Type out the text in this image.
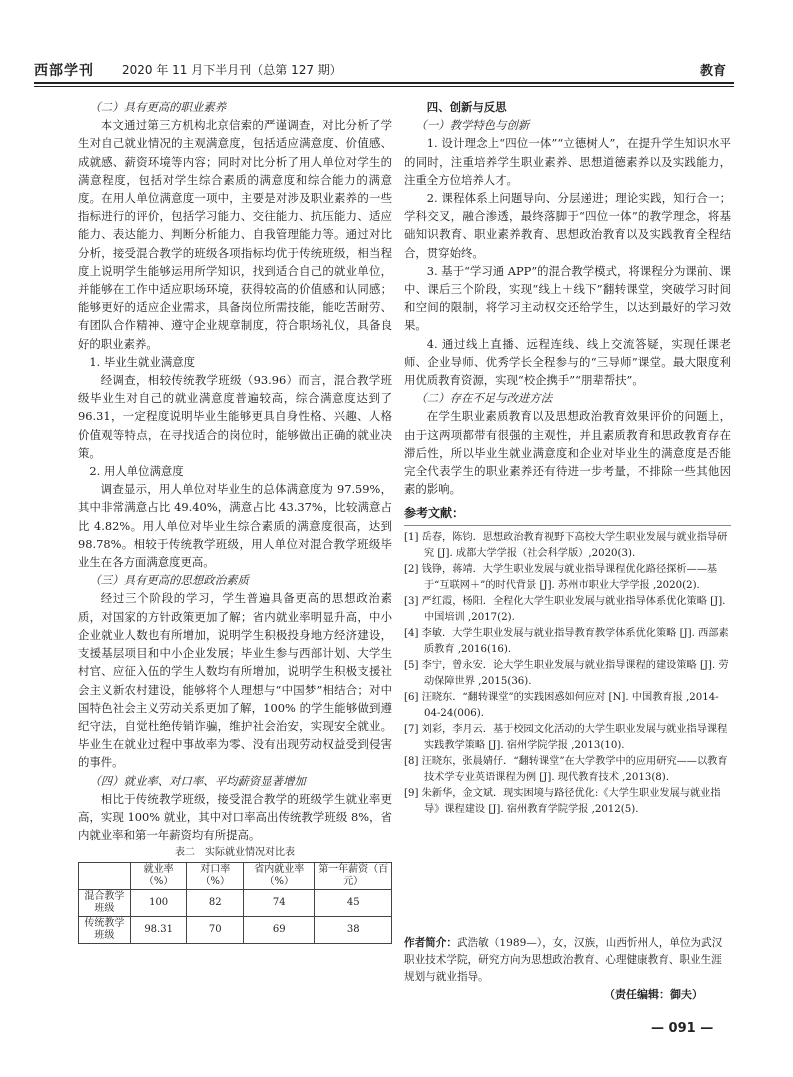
西部学刊 2020 年 11 月下半月刊（总第 127 期）	教育

（二）具有更高的职业素养

本文通过第三方机构北京信索的严谨调查，对比分析了学生对自己就业情况的主观满意度，包括适应满意度、价值感、成就感、薪资环境等内容；同时对比分析了用人单位对学生的满意程度，包括对学生综合素质的满意度和综合能力的满意度。在用人单位满意度一项中，主要是对涉及职业素养的一些指标进行的评价，包括学习能力、交往能力、抗压能力、适应能力、表达能力、判断分析能力、自我管理能力等。通过对比分析，接受混合教学的班级各项指标均优于传统班级，相当程度上说明学生能够运用所学知识，找到适合自己的就业单位，并能够在工作中适应职场环境，获得较高的价值感和认同感；能够更好的适应企业需求，具备岗位所需技能，能吃苦耐劳、有团队合作精神、遵守企业规章制度，符合职场礼仪，具备良好的职业素养。

1. 毕业生就业满意度

经调查，相较传统教学班级（93.96）而言，混合教学班级毕业生对自己的就业满意度普遍较高，综合满意度达到了 96.31，一定程度说明毕业生能够更具自身性格、兴趣、人格价值观等特点，在寻找适合的岗位时，能够做出正确的就业决策。

2. 用人单位满意度

调查显示，用人单位对毕业生的总体满意度为 97.59%，其中非常满意占比 49.40%，满意占比 43.37%，比较满意占比 4.82%。用人单位对毕业生综合素质的满意度很高，达到 98.78%。相较于传统教学班级，用人单位对混合教学班级毕业生在各方面满意度更高。

（三）具有更高的思想政治素质

经过三个阶段的学习，学生普遍具备更高的思想政治素质，对国家的方针政策更加了解；省内就业率明显升高，中小企业就业人数也有所增加，说明学生积极投身地方经济建设，支援基层项目和中小企业发展；毕业生参与西部计划、大学生村官、应征入伍的学生人数均有所增加，说明学生积极支援社会主义新农村建设，能够将个人理想与“中国梦”相结合；对中国特色社会主义劳动关系更加了解，100% 的学生能够做到遵纪守法，自觉杜绝传销诈骗，维护社会治安，实现安全就业。毕业生在就业过程中事故率为零、没有出现劳动权益受到侵害的事件。

（四）就业率、对口率、平均薪资显著增加

相比于传统教学班级，接受混合教学的班级学生就业率更高，实现 100% 就业，其中对口率高出传统教学班级 8%，省内就业率和第一年薪资均有所提高。

表二　实际就业情况对比表
	就业率（%）	对口率（%）	省内就业率（%）	第一年薪资（百元）
混合教学班级	100	82	74	45
传统教学班级	98.31	70	69	38

四、创新与反思

（一）教学特色与创新

1. 设计理念上“四位一体”“立德树人”，在提升学生知识水平的同时，注重培养学生职业素养、思想道德素养以及实践能力，注重全方位培养人才。

2. 课程体系上问题导向、分层递进；理论实践，知行合一；学科交叉，融合渗透，最终落脚于“四位一体”的教学理念，将基础知识教育、职业素养教育、思想政治教育以及实践教育全程结合，贯穿始终。

3. 基于“学习通 APP”的混合教学模式，将课程分为课前、课中、课后三个阶段，实现“线上＋线下”翻转课堂，突破学习时间和空间的限制，将学习主动权交还给学生，以达到最好的学习效果。

4. 通过线上直播、远程连线、线上交流答疑，实现任课老师、企业导师、优秀学长全程参与的“三导师”课堂。最大限度利用优质教育资源，实现“校企携手”“朋辈帮扶”。

（二）存在不足与改进方法

在学生职业素质教育以及思想政治教育效果评价的问题上，由于这两项都带有很强的主观性，并且素质教育和思政教育存在滞后性，所以毕业生就业满意度和企业对毕业生的满意度是否能完全代表学生的职业素养还有待进一步考量，不排除一些其他因素的影响。

参考文献：

[1] 岳春，陈钧．思想政治教育视野下高校大学生职业发展与就业指导研究 [J]. 成都大学学报（社会科学版）,2020(3).

[2] 钱铮，蒋靖．大学生职业发展与就业指导课程优化路径探析——基于“互联网＋”的时代背景 [J]. 苏州市职业大学学报 ,2020(2).

[3] 严红霞，杨阳．全程化大学生职业发展与就业指导体系优化策略 [J]. 中国培训 ,2017(2).

[4] 李敏．大学生职业发展与就业指导教育教学体系优化策略 [J]. 西部素质教育 ,2016(16).

[5] 李宁，曾永安．论大学生职业发展与就业指导课程的建设策略 [J]. 劳动保障世界 ,2015(36).

[6] 汪晓东．“翻转课堂”的实践困惑如何应对 [N]. 中国教育报 ,2014-04-24(006).

[7] 刘彩，李月云．基于校园文化活动的大学生职业发展与就业指导课程实践教学策略 [J]. 宿州学院学报 ,2013(10).

[8] 汪晓东，张晨婧仔．“翻转课堂”在大学教学中的应用研究——以教育技术学专业英语课程为例 [J]. 现代教育技术 ,2013(8).

[9] 朱新华，金文斌．现实困境与路径优化:《大学生职业发展与就业指导》课程建设 [J]. 宿州教育学院学报 ,2012(5).

作者简介：武浩敏（1989—），女，汉族，山西忻州人，单位为武汉职业技术学院，研究方向为思想政治教育、心理健康教育、职业生涯规划与就业指导。
（责任编辑：御夫）
— 091 —
